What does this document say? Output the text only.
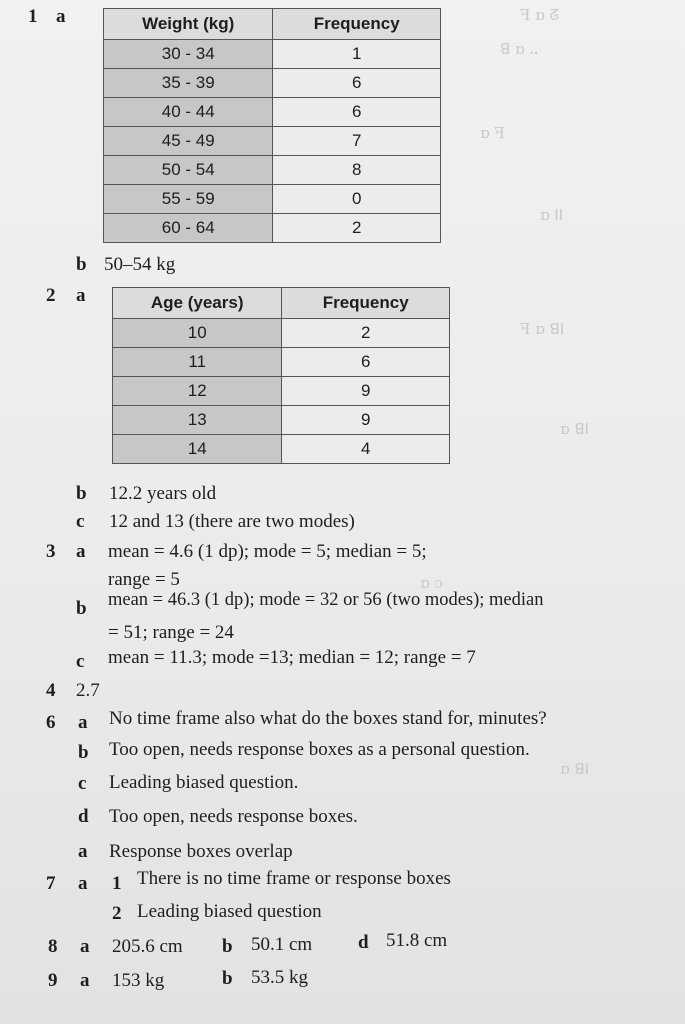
ꟻ ɒ ᘔ
ꓭ ɒ ꓺ
ɒ ꟻ
ɒ ꓲꓲ
ꟻ ɒ ꓭꓲ
ɒ ꓭꓲ
ɒ ɔ
ɒ ꓭꓲ
1 a	Weight (kg)	Frequency
30 - 34	1
35 - 39	6
40 - 44	6
45 - 49	7
50 - 54	8
55 - 59	0
60 - 64	2
b 50–54 kg
2 a	Age (years)	Frequency
10	2
11	6
12	9
13	9
14	4
b 12.2 years old
c 12 and 13 (there are two modes)
3 a mean = 4.6 (1 dp); mode = 5; median = 5;
range = 5
b mean = 46.3 (1 dp); mode = 32 or 56 (two modes); median
= 51; range = 24
c mean = 11.3; mode =13; median = 12; range = 7
4 2.7
6 a No time frame also what do the boxes stand for, minutes?
b Too open, needs response boxes as a personal question.
c Leading biased question.
d Too open, needs response boxes.
a Response boxes overlap
7 a 1 There is no time frame or response boxes
2 Leading biased question
8 a 205.6 cm b 50.1 cm d 51.8 cm
9 a 153 kg	b 53.5 kg
